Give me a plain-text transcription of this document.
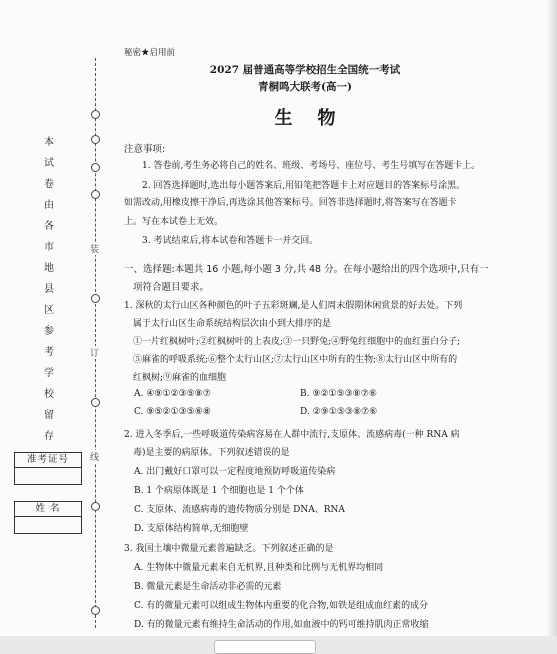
本
试
卷
由
各
市
地
县
区
参
考
学
校
留
存
准考证号
姓 名
装
订
线
秘密★启用前
2027 届普通高等学校招生全国统一考试
青桐鸣大联考(高一)
生    物
注意事项:
1. 答卷前,考生务必将自己的姓名、班级、考场号、座位号、考生号填写在答题卡上。
2. 回答选择题时,选出每小题答案后,用铅笔把答题卡上对应题目的答案标号涂黑。
如需改动,用橡皮擦干净后,再选涂其他答案标号。回答非选择题时,将答案写在答题卡
上。写在本试卷上无效。
3. 考试结束后,将本试卷和答题卡一并交回。
一、选择题:本题共 16 小题,每小题 3 分,共 48 分。在每小题给出的四个选项中,只有一
项符合题目要求。
1. 深秋的太行山区各种颜色的叶子五彩斑斓,是人们周末假期休闲赏景的好去处。下列
属于太行山区生命系统结构层次由小到大排序的是
①一片红枫树叶;②红枫树叶的上表皮;③一只野兔;④野兔红细胞中的血红蛋白分子;
⑤麻雀的呼吸系统;⑥整个太行山区;⑦太行山区中所有的生物;⑧太行山区中所有的
红枫树;⑨麻雀的血细胞
A. ④⑨①②③⑤⑧⑦	B. ⑨②①⑤③⑧⑦⑥
C. ⑨⑤②①③⑤⑥⑧	D. ②⑨①⑤③⑧⑦⑥
2. 进入冬季后,一些呼吸道传染病容易在人群中流行,支原体、流感病毒(一种 RNA 病
毒)是主要的病原体。下列叙述错误的是
A. 出门戴好口罩可以一定程度地预防呼吸道传染病
B. 1 个病原体既是 1 个细胞也是 1 个个体
C. 支原体、流感病毒的遗传物质分别是 DNA、RNA
D. 支原体结构简单,无细胞壁
3. 我国土壤中微量元素普遍缺乏。下列叙述正确的是
A. 生物体中微量元素来自无机界,且种类和比例与无机界均相同
B. 微量元素是生命活动非必需的元素
C. 有的微量元素可以组成生物体内重要的化合物,如铁是组成血红素的成分
D. 有的微量元素有维持生命活动的作用,如血液中的钙可维持肌肉正常收缩
